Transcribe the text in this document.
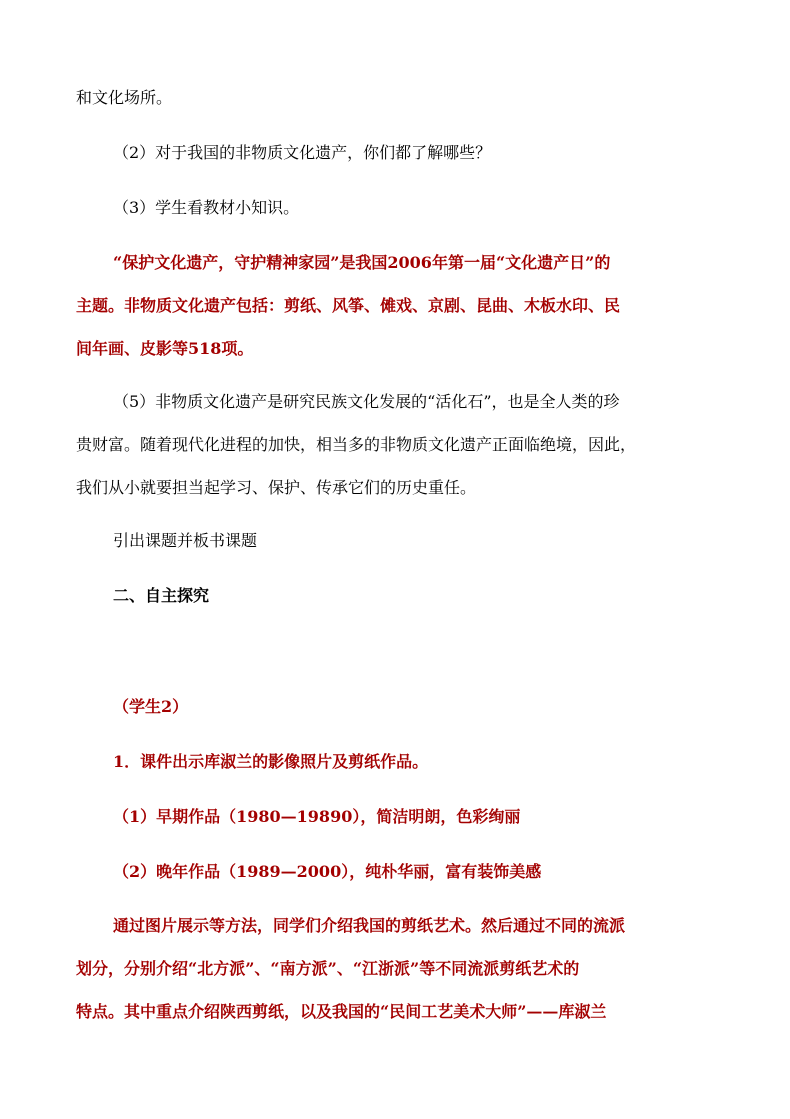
和文化场所。
（2）对于我国的非物质文化遗产，你们都了解哪些？
（3）学生看教材小知识。
“保护文化遗产，守护精神家园”是我国2006年第一届“文化遗产日”的
主题。非物质文化遗产包括：剪纸、风筝、傩戏、京剧、昆曲、木板水印、民
间年画、皮影等518项。
（5）非物质文化遗产是研究民族文化发展的“活化石”，也是全人类的珍
贵财富。随着现代化进程的加快，相当多的非物质文化遗产正面临绝境，因此，
我们从小就要担当起学习、保护、传承它们的历史重任。
引出课题并板书课题
二、自主探究
（学生2）
1．课件出示库淑兰的影像照片及剪纸作品。
（1）早期作品（1980—19890），简洁明朗，色彩绚丽
（2）晚年作品（1989—2000），纯朴华丽，富有装饰美感
通过图片展示等方法，同学们介绍我国的剪纸艺术。然后通过不同的流派
划分，分别介绍“北方派”、“南方派”、“江浙派”等不同流派剪纸艺术的
特点。其中重点介绍陕西剪纸，以及我国的“民间工艺美术大师”——库淑兰
